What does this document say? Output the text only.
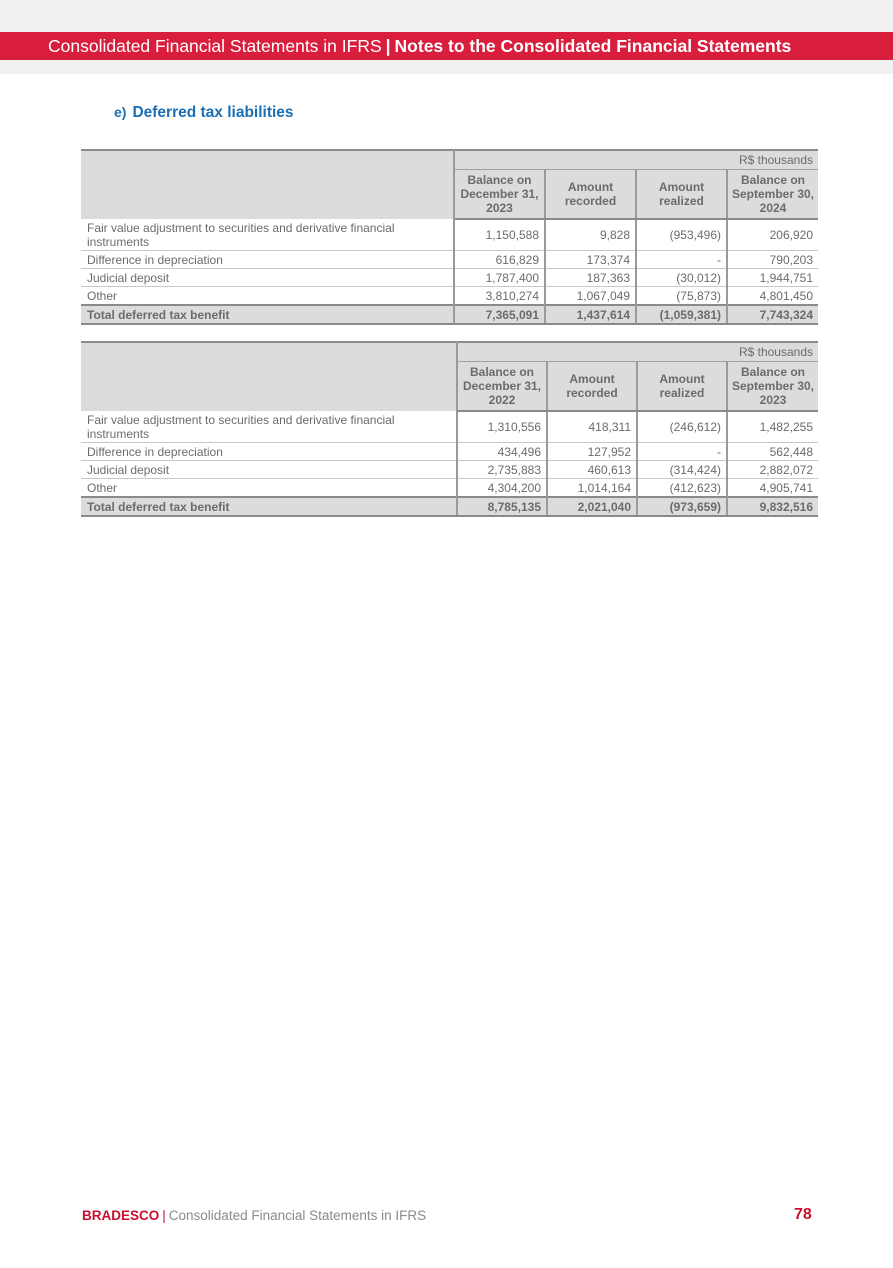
Consolidated Financial Statements in IFRS | Notes to the Consolidated Financial Statements
e) Deferred tax liabilities
	R$ thousands			
	Balance on December 31, 2023	Amount recorded	Amount realized	Balance on September 30, 2024
Fair value adjustment to securities and derivative financial instruments	1,150,588	9,828	(953,496)	206,920
Difference in depreciation	616,829	173,374	-	790,203
Judicial deposit	1,787,400	187,363	(30,012)	1,944,751
Other	3,810,274	1,067,049	(75,873)	4,801,450
Total deferred tax benefit	7,365,091	1,437,614	(1,059,381)	7,743,324
	R$ thousands			
	Balance on December 31, 2022	Amount recorded	Amount realized	Balance on September 30, 2023
Fair value adjustment to securities and derivative financial instruments	1,310,556	418,311	(246,612)	1,482,255
Difference in depreciation	434,496	127,952	-	562,448
Judicial deposit	2,735,883	460,613	(314,424)	2,882,072
Other	4,304,200	1,014,164	(412,623)	4,905,741
Total deferred tax benefit	8,785,135	2,021,040	(973,659)	9,832,516
BRADESCO | Consolidated Financial Statements in IFRS	78
